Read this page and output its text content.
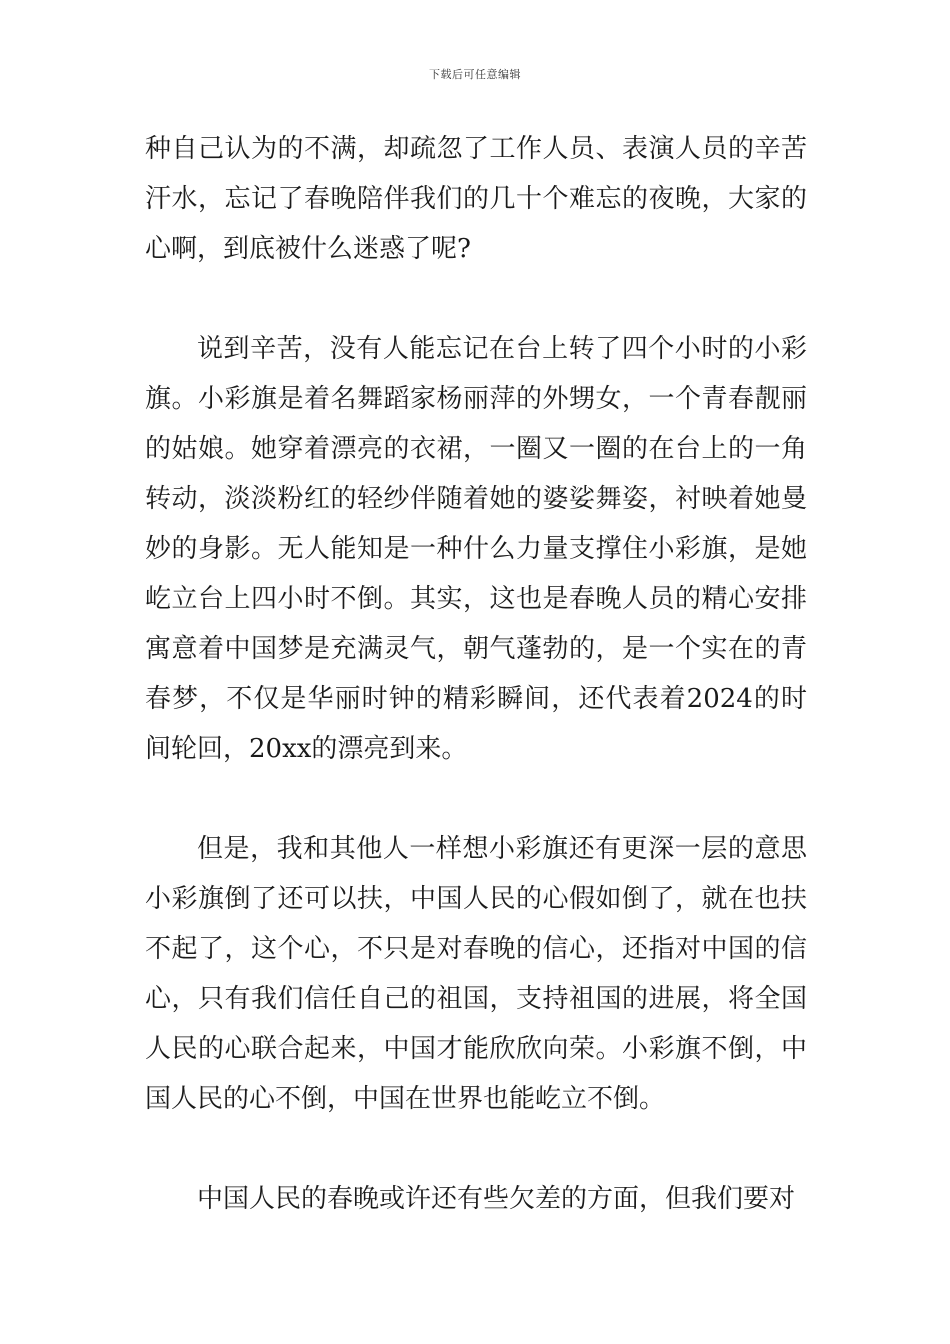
下载后可任意编辑

种自己认为的不满，却疏忽了工作人员、表演人员的辛苦汗水，忘记了春晚陪伴我们的几十个难忘的夜晚，大家的心啊，到底被什么迷惑了呢?

说到辛苦，没有人能忘记在台上转了四个小时的小彩旗。小彩旗是着名舞蹈家杨丽萍的外甥女，一个青春靓丽的姑娘。她穿着漂亮的衣裙，一圈又一圈的在台上的一角转动，淡淡粉红的轻纱伴随着她的婆娑舞姿，衬映着她曼妙的身影。无人能知是一种什么力量支撑住小彩旗，是她屹立台上四小时不倒。其实，这也是春晚人员的精心安排寓意着中国梦是充满灵气，朝气蓬勃的，是一个实在的青春梦，不仅是华丽时钟的精彩瞬间，还代表着2024的时间轮回，20xx的漂亮到来。

但是，我和其他人一样想小彩旗还有更深一层的意思小彩旗倒了还可以扶，中国人民的心假如倒了，就在也扶不起了，这个心，不只是对春晚的信心，还指对中国的信心，只有我们信任自己的祖国，支持祖国的进展，将全国人民的心联合起来，中国才能欣欣向荣。小彩旗不倒，中国人民的心不倒，中国在世界也能屹立不倒。

中国人民的春晚或许还有些欠差的方面，但我们要对
